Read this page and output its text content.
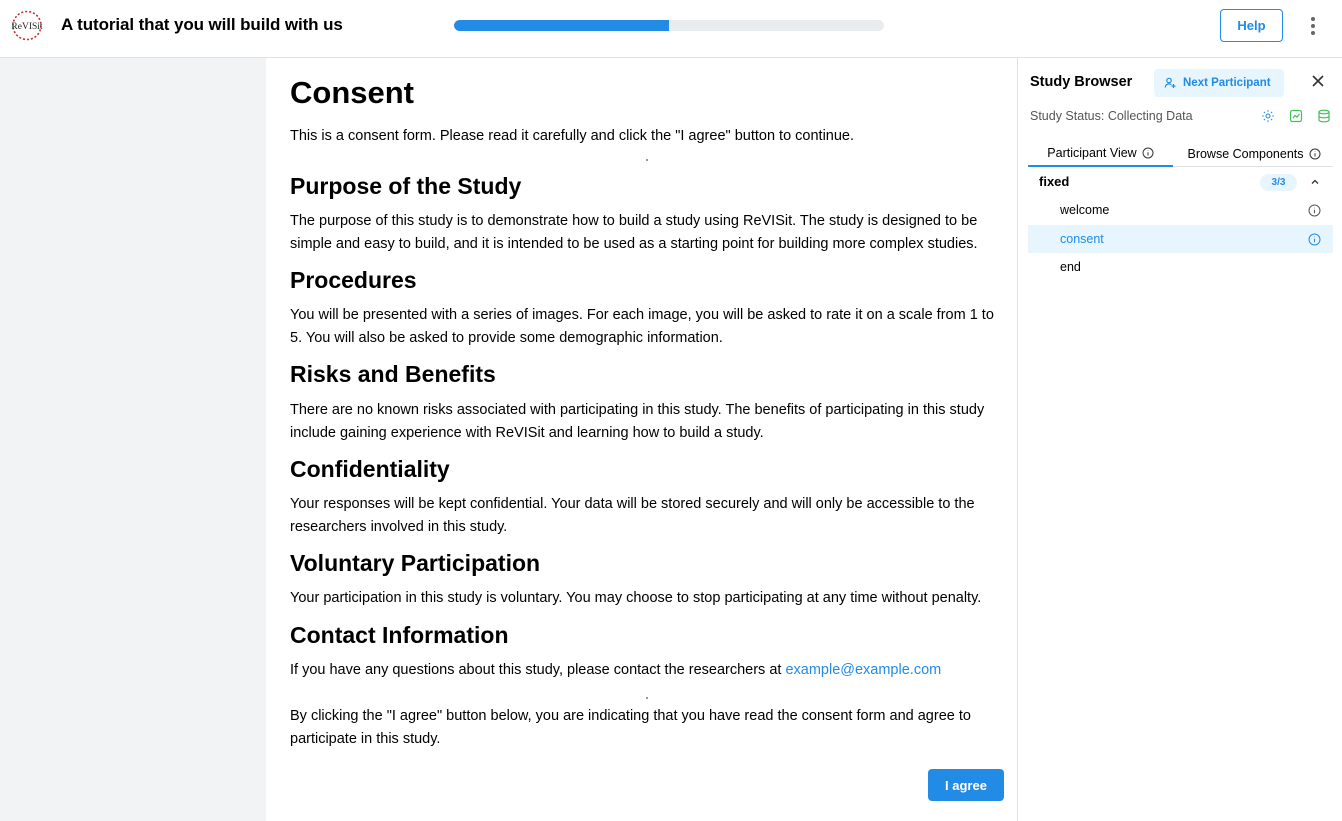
ReVISit A tutorial that you will build with us	Help
Consent
This is a consent form. Please read it carefully and click the "I agree" button to continue.
Purpose of the Study
The purpose of this study is to demonstrate how to build a study using ReVISit. The study is designed to be simple and easy to build, and it is intended to be used as a starting point for building more complex studies.
Procedures
You will be presented with a series of images. For each image, you will be asked to rate it on a scale from 1 to 5. You will also be asked to provide some demographic information.
Risks and Benefits
There are no known risks associated with participating in this study. The benefits of participating in this study include gaining experience with ReVISit and learning how to build a study.
Confidentiality
Your responses will be kept confidential. Your data will be stored securely and will only be accessible to the researchers involved in this study.
Voluntary Participation
Your participation in this study is voluntary. You may choose to stop participating at any time without penalty.
Contact Information
If you have any questions about this study, please contact the researchers at example@example.com
By clicking the "I agree" button below, you are indicating that you have read the consent form and agree to participate in this study.
I agree
Study Browser	Next Participant
Study Status: Collecting Data
Participant View	Browse Components
fixed	3/3
welcome
consent
end
